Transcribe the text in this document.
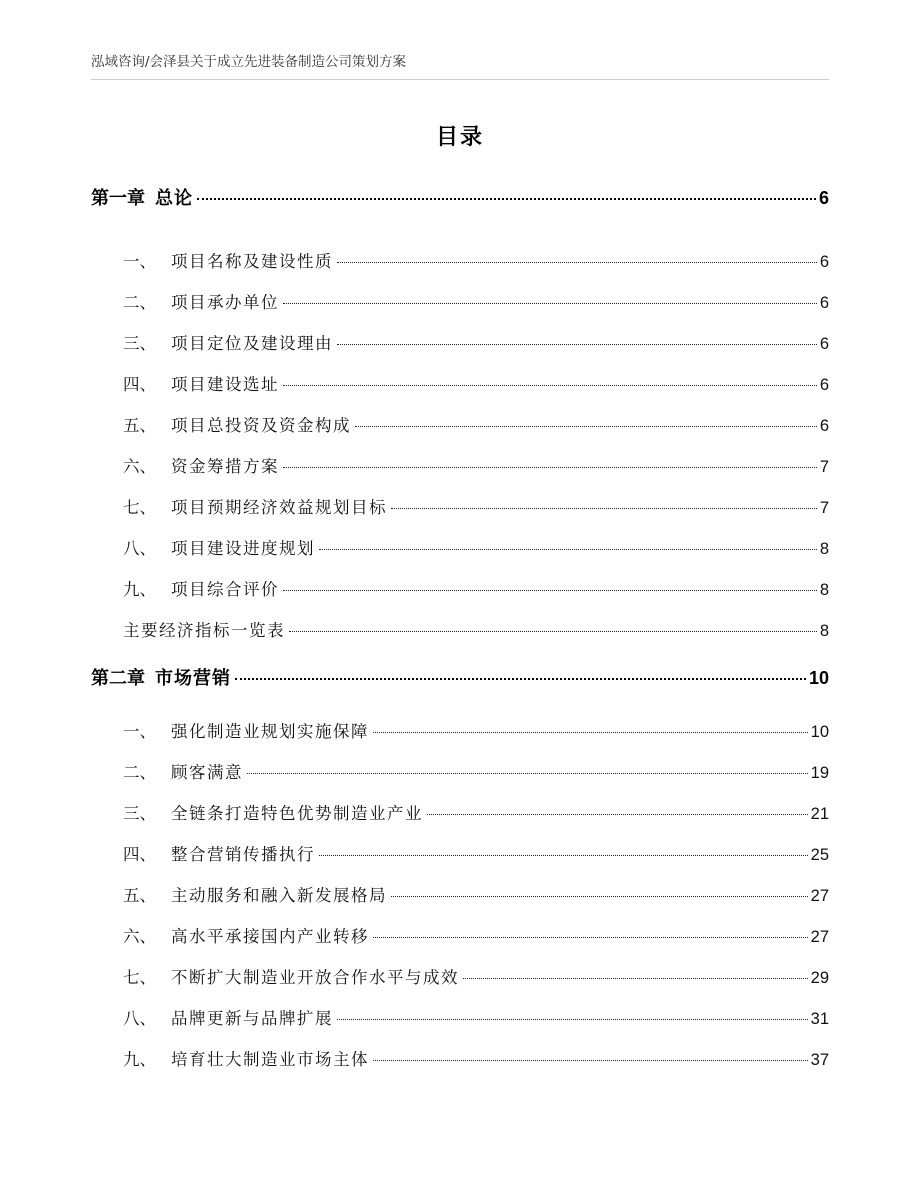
泓域咨询/会泽县关于成立先进装备制造公司策划方案
目录
第一章 总论	6
一、 项目名称及建设性质	6
二、 项目承办单位	6
三、 项目定位及建设理由	6
四、 项目建设选址	6
五、 项目总投资及资金构成	6
六、 资金筹措方案	7
七、 项目预期经济效益规划目标	7
八、 项目建设进度规划	8
九、 项目综合评价	8
主要经济指标一览表	8
第二章 市场营销	10
一、 强化制造业规划实施保障	10
二、 顾客满意	19
三、 全链条打造特色优势制造业产业	21
四、 整合营销传播执行	25
五、 主动服务和融入新发展格局	27
六、 高水平承接国内产业转移	27
七、 不断扩大制造业开放合作水平与成效	29
八、 品牌更新与品牌扩展	31
九、 培育壮大制造业市场主体	37
